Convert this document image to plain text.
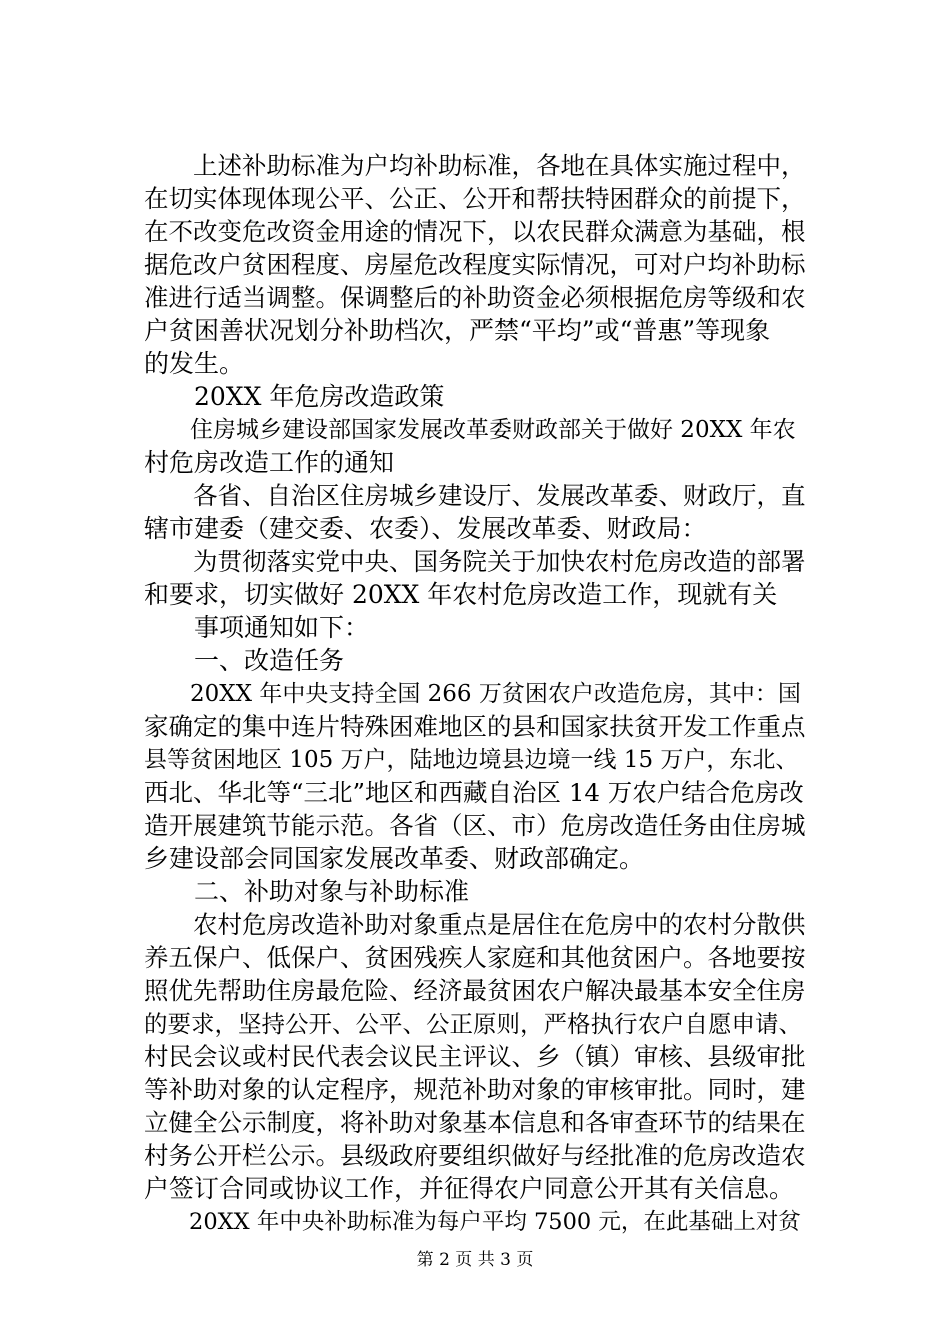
　　上述补助标准为户均补助标准，各地在具体实施过程中，
在切实体现体现公平、公正、公开和帮扶特困群众的前提下，
在不改变危改资金用途的情况下，以农民群众满意为基础，根
据危改户贫困程度、房屋危改程度实际情况，可对户均补助标
准进行适当调整。保调整后的补助资金必须根据危房等级和农
户贫困善状况划分补助档次，严禁“平均”或“普惠”等现象
的发生。
　　20XX 年危房改造政策
　　住房城乡建设部国家发展改革委财政部关于做好 20XX 年农
村危房改造工作的通知
　　各省、自治区住房城乡建设厅、发展改革委、财政厅，直
辖市建委（建交委、农委）、发展改革委、财政局：
　　为贯彻落实党中央、国务院关于加快农村危房改造的部署
和要求，切实做好 20XX 年农村危房改造工作，现就有关
　　事项通知如下：
　　一、改造任务
　　20XX 年中央支持全国 266 万贫困农户改造危房，其中：国
家确定的集中连片特殊困难地区的县和国家扶贫开发工作重点
县等贫困地区 105 万户，陆地边境县边境一线 15 万户，东北、
西北、华北等“三北”地区和西藏自治区 14 万农户结合危房改
造开展建筑节能示范。各省（区、市）危房改造任务由住房城
乡建设部会同国家发展改革委、财政部确定。
　　二、补助对象与补助标准
　　农村危房改造补助对象重点是居住在危房中的农村分散供
养五保户、低保户、贫困残疾人家庭和其他贫困户。各地要按
照优先帮助住房最危险、经济最贫困农户解决最基本安全住房
的要求，坚持公开、公平、公正原则，严格执行农户自愿申请、
村民会议或村民代表会议民主评议、乡（镇）审核、县级审批
等补助对象的认定程序，规范补助对象的审核审批。同时，建
立健全公示制度，将补助对象基本信息和各审查环节的结果在
村务公开栏公示。县级政府要组织做好与经批准的危房改造农
户签订合同或协议工作，并征得农户同意公开其有关信息。
　　20XX 年中央补助标准为每户平均 7500 元，在此基础上对贫
第 2 页 共 3 页
